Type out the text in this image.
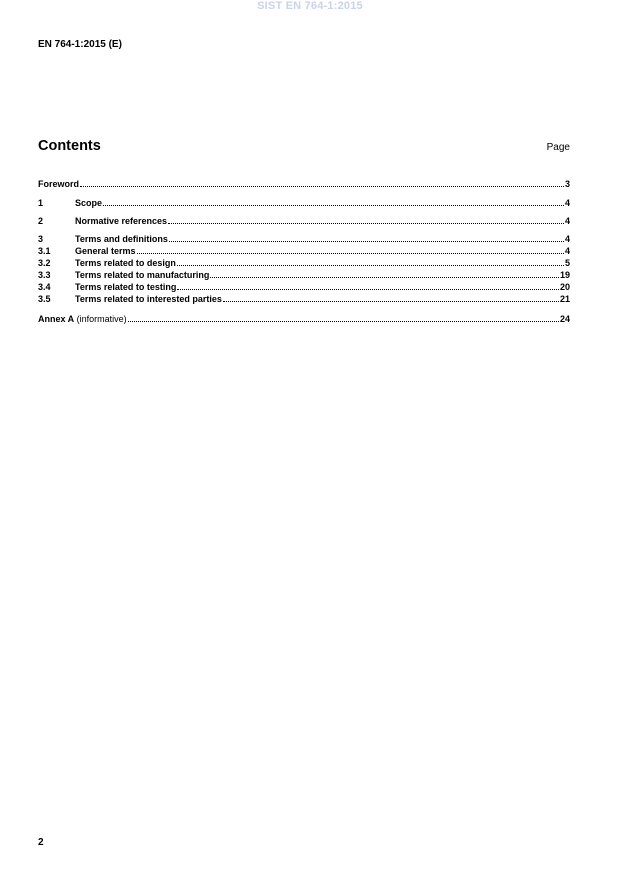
SIST EN 764-1:2015
EN 764-1:2015 (E)
Contents	Page
Foreword	3
1	Scope	4
2	Normative references	4
3	Terms and definitions	4
3.1	General terms	4
3.2	Terms related to design	5
3.3	Terms related to manufacturing	19
3.4	Terms related to testing	20
3.5	Terms related to interested parties	21
Annex A (informative)	24
2
